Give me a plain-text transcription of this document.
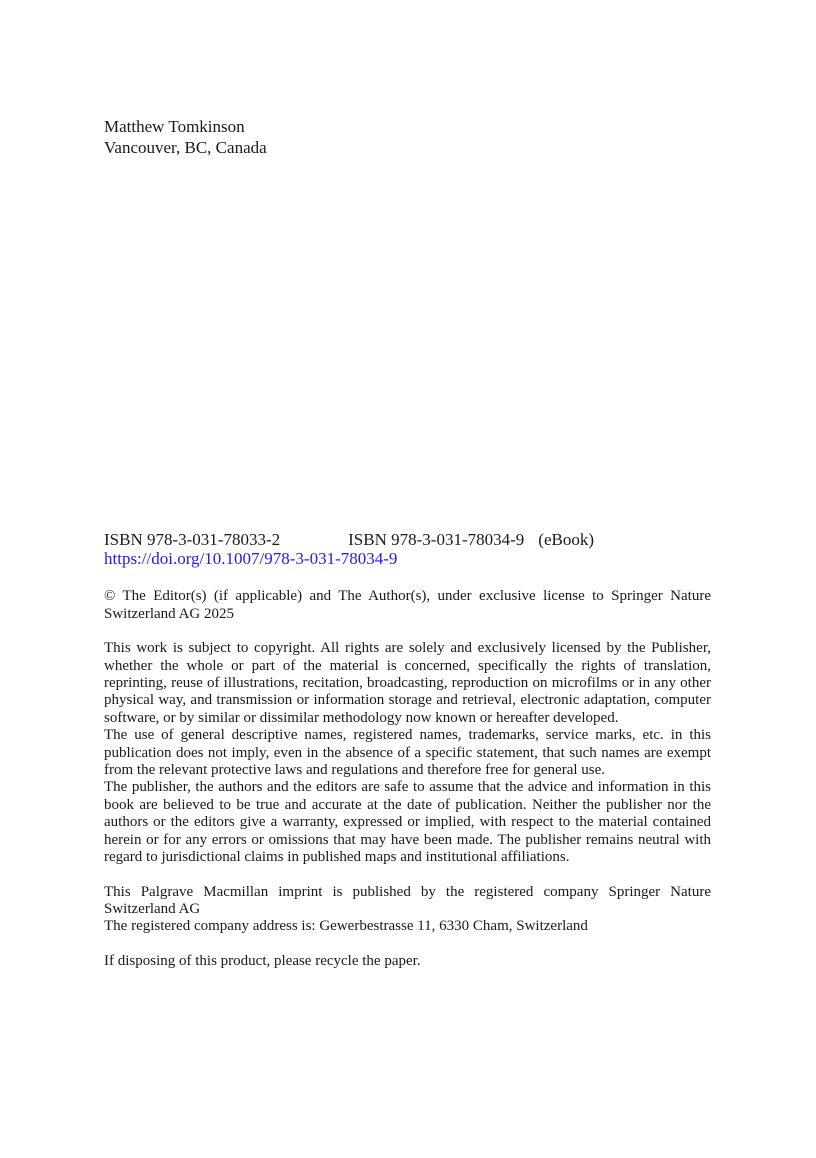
Matthew Tomkinson
Vancouver, BC, Canada
ISBN 978-3-031-78033-2	ISBN 978-3-031-78034-9 (eBook)
https://doi.org/10.1007/978-3-031-78034-9

© The Editor(s) (if applicable) and The Author(s), under exclusive license to Springer Nature Switzerland AG 2025

This work is subject to copyright. All rights are solely and exclusively licensed by the Publisher, whether the whole or part of the material is concerned, specifically the rights of translation, reprinting, reuse of illustrations, recitation, broadcasting, reproduction on microfilms or in any other physical way, and transmission or information storage and retrieval, electronic adaptation, computer software, or by similar or dissimilar methodology now known or hereafter developed.

The use of general descriptive names, registered names, trademarks, service marks, etc. in this publication does not imply, even in the absence of a specific statement, that such names are exempt from the relevant protective laws and regulations and therefore free for general use.

The publisher, the authors and the editors are safe to assume that the advice and information in this book are believed to be true and accurate at the date of publication. Neither the publisher nor the authors or the editors give a warranty, expressed or implied, with respect to the material contained herein or for any errors or omissions that may have been made. The publisher remains neutral with regard to jurisdictional claims in published maps and institutional affiliations.

This Palgrave Macmillan imprint is published by the registered company Springer Nature Switzerland AG

The registered company address is: Gewerbestrasse 11, 6330 Cham, Switzerland

If disposing of this product, please recycle the paper.
